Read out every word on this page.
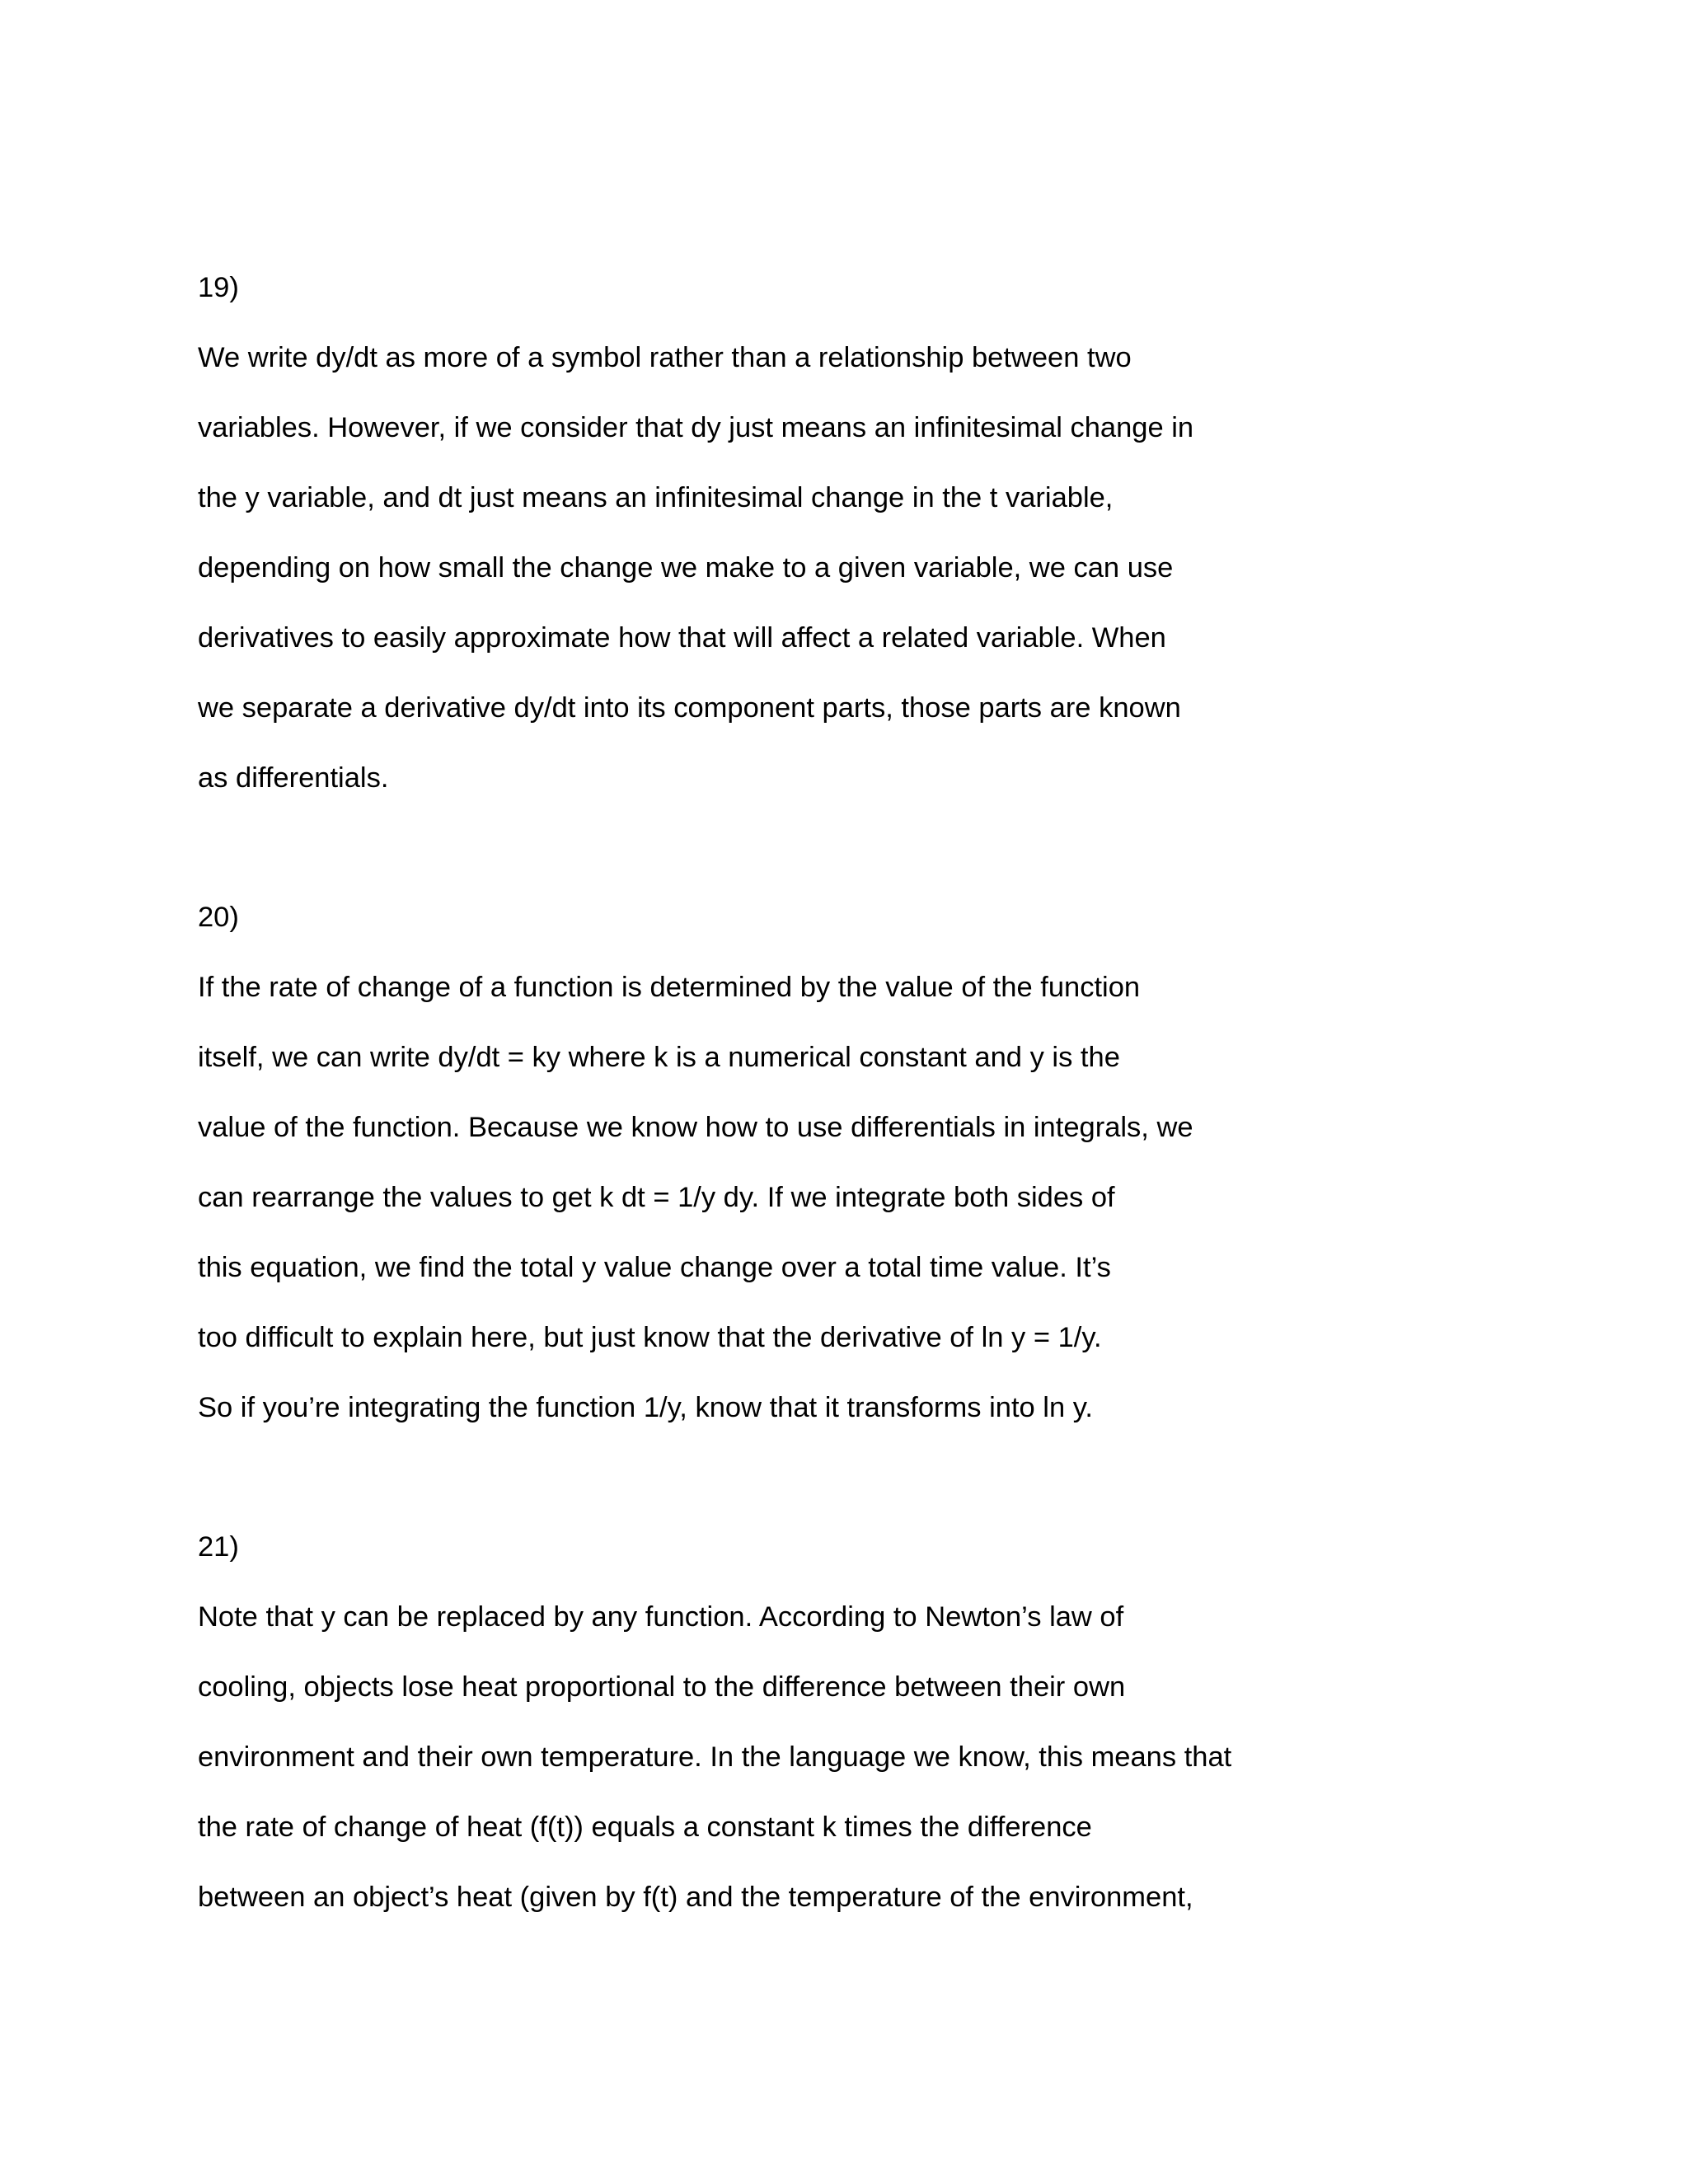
19)
We write dy/dt as more of a symbol rather than a relationship between two
variables. However, if we consider that dy just means an infinitesimal change in
the y variable, and dt just means an infinitesimal change in the t variable,
depending on how small the change we make to a given variable, we can use
derivatives to easily approximate how that will affect a related variable. When
we separate a derivative dy/dt into its component parts, those parts are known
as differentials.
20)
If the rate of change of a function is determined by the value of the function
itself, we can write dy/dt = ky where k is a numerical constant and y is the
value of the function. Because we know how to use differentials in integrals, we
can rearrange the values to get k dt = 1/y dy. If we integrate both sides of
this equation, we find the total y value change over a total time value. It’s
too difficult to explain here, but just know that the derivative of ln y = 1/y.
So if you’re integrating the function 1/y, know that it transforms into ln y.
21)
Note that y can be replaced by any function. According to Newton’s law of
cooling, objects lose heat proportional to the difference between their own
environment and their own temperature. In the language we know, this means that
the rate of change of heat (f(t)) equals a constant k times the difference
between an object’s heat (given by f(t) and the temperature of the environment,
